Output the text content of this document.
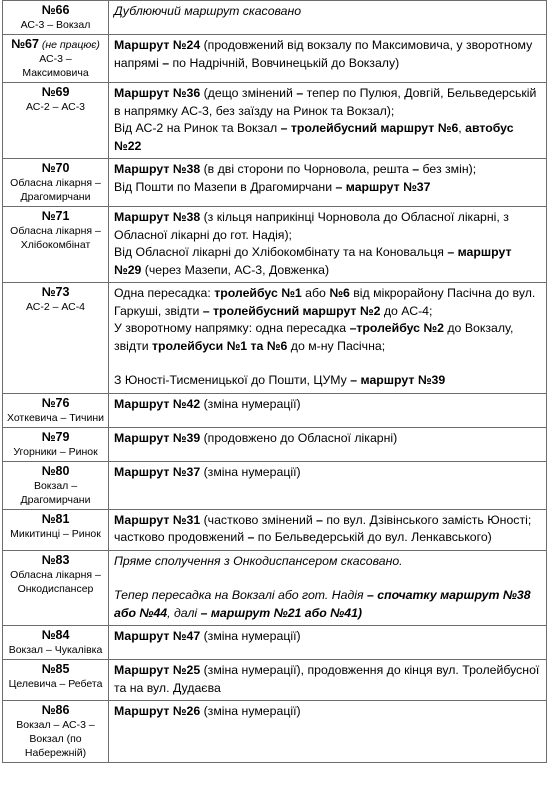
№66
АС-3 – Вокзал	Дублюючий маршрут скасовано

№67 (не працює)
АС-3 – Максимовича	Маршрут №24 (продовжений від вокзалу по Максимовича, у зворотному напрямі – по Надрічній, Вовчинецькій до Вокзалу)

№69
АС-2 – АС-3	Маршрут №36 (дещо змінений – тепер по Пулюя, Довгій, Бельведерській в напрямку АС-3, без заїзду на Ринок та Вокзал);
Від АС-2 на Ринок та Вокзал – тролейбусний маршрут №6, автобус №22

№70
Обласна лікарня – Драгомирчани	Маршрут №38 (в дві сторони по Чорновола, решта – без змін);
Від Пошти по Мазепи в Драгомирчани – маршрут №37

№71
Обласна лікарня – Хлібокомбінат	Маршрут №38 (з кільця наприкінці Чорновола до Обласної лікарні, з Обласної лікарні до гот. Надія);
Від Обласної лікарні до Хлібокомбінату та на Коновальця – маршрут №29 (через Мазепи, АС-3, Довженка)

№73
АС-2 – АС-4	Одна пересадка: тролейбус №1 або №6 від мікрорайону Пасічна до вул. Гаркуші, звідти – тролейбусний маршрут №2 до АС-4;
У зворотному напрямку: одна пересадка –тролейбус №2 до Вокзалу, звідти тролейбуси №1 та №6 до м-ну Пасічна;
З Юності-Тисменицької до Пошти, ЦУМу – маршрут №39

№76
Хоткевича – Тичини	Маршрут №42 (зміна нумерації)

№79
Угорники – Ринок	Маршрут №39 (продовжено до Обласної лікарні)

№80
Вокзал – Драгомирчани	Маршрут №37 (зміна нумерації)

№81
Микитинці – Ринок	Маршрут №31 (частково змінений – по вул. Дзівінського замість Юності; частково продовжений – по Бельведерській до вул. Ленкавського)

№83
Обласна лікарня – Онкодиспансер	Пряме сполучення з Онкодиспансером скасовано.
Тепер пересадка на Вокзалі або гот. Надія – спочатку маршрут №38 або №44, далі – маршрут №21 або №41)

№84
Вокзал – Чукалівка	Маршрут №47 (зміна нумерації)

№85
Целевича – Ребета	Маршрут №25 (зміна нумерації), продовження до кінця вул. Тролейбусної та на вул. Дудаєва

№86
Вокзал – АС-3 – Вокзал (по Набережній)	Маршрут №26 (зміна нумерації)
